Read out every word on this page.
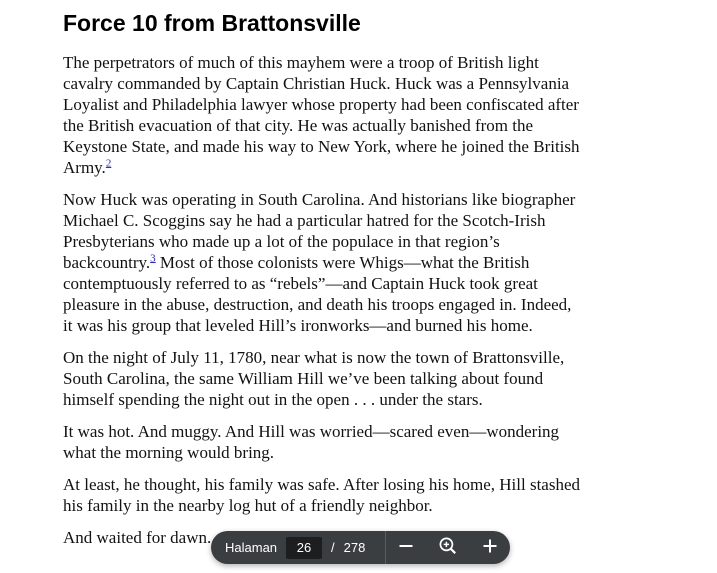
Force 10 from Brattonsville
The perpetrators of much of this mayhem were a troop of British light
cavalry commanded by Captain Christian Huck. Huck was a Pennsylvania
Loyalist and Philadelphia lawyer whose property had been confiscated after
the British evacuation of that city. He was actually banished from the
Keystone State, and made his way to New York, where he joined the British
Army.$^2$
Now Huck was operating in South Carolina. And historians like biographer
Michael C. Scoggins say he had a particular hatred for the Scotch-Irish
Presbyterians who made up a lot of the populace in that region’s
backcountry.$^3$ Most of those colonists were Whigs—what the British
contemptuously referred to as “rebels”—and Captain Huck took great
pleasure in the abuse, destruction, and death his troops engaged in. Indeed,
it was his group that leveled Hill’s ironworks—and burned his home.
On the night of July 11, 1780, near what is now the town of Brattonsville,
South Carolina, the same William Hill we’ve been talking about found
himself spending the night out in the open . . . under the stars.
It was hot. And muggy. And Hill was worried—scared even—wondering
what the morning would bring.
At least, he thought, his family was safe. After losing his home, Hill stashed
his family in the nearby log hut of a friendly neighbor.
And waited for dawn.
Halaman
26	/ 278
